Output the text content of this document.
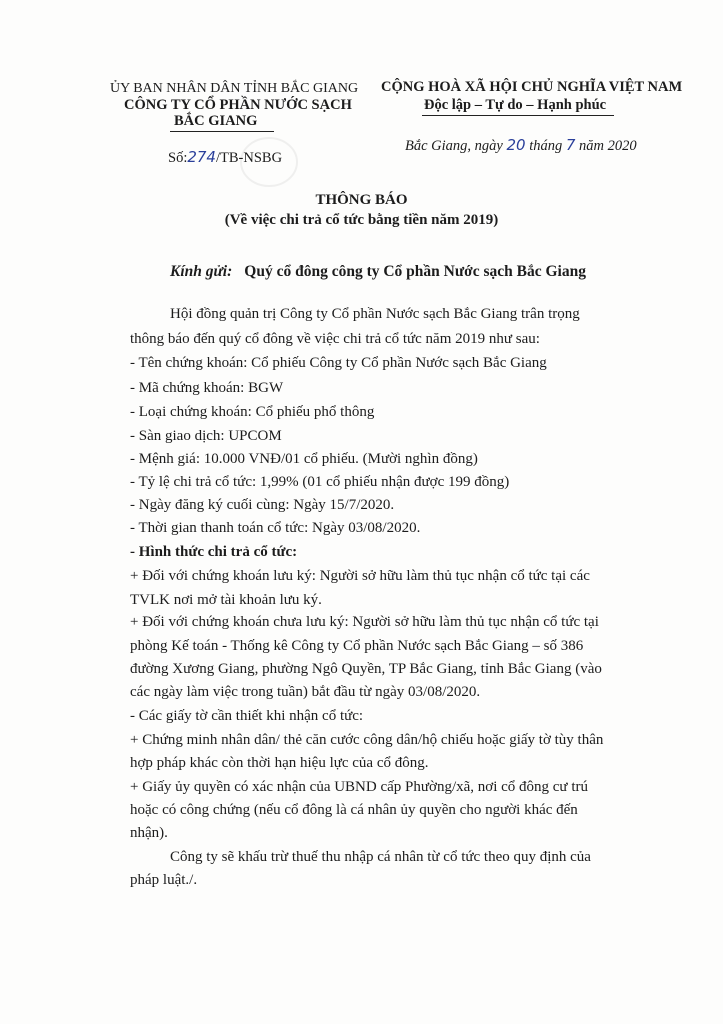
ỦY BAN NHÂN DÂN TỈNH BẮC GIANG
CÔNG TY CỔ PHẦN NƯỚC SẠCH
BẮC GIANG
CỘNG HOÀ XÃ HỘI CHỦ NGHĨA VIỆT NAM
Độc lập – Tự do – Hạnh phúc
Bắc Giang, ngày 20 tháng 7 năm 2020
Số:274/TB-NSBG
THÔNG BÁO
(Về việc chi trả cổ tức bằng tiền năm 2019)
Kính gửi: Quý cổ đông công ty Cổ phần Nước sạch Bắc Giang
Hội đồng quản trị Công ty Cổ phần Nước sạch Bắc Giang trân trọng
thông báo đến quý cổ đông về việc chi trả cổ tức năm 2019 như sau:
- Tên chứng khoán: Cổ phiếu Công ty Cổ phần Nước sạch Bắc Giang
- Mã chứng khoán: BGW
- Loại chứng khoán: Cổ phiếu phổ thông
- Sàn giao dịch: UPCOM
- Mệnh giá: 10.000 VNĐ/01 cổ phiếu. (Mười nghìn đồng)
- Tỷ lệ chi trả cổ tức: 1,99% (01 cổ phiếu nhận được 199 đồng)
- Ngày đăng ký cuối cùng: Ngày 15/7/2020.
- Thời gian thanh toán cổ tức: Ngày 03/08/2020.
- Hình thức chi trả cổ tức:
+ Đối với chứng khoán lưu ký: Người sở hữu làm thủ tục nhận cổ tức tại các
TVLK nơi mở tài khoản lưu ký.
+ Đối với chứng khoán chưa lưu ký: Người sở hữu làm thủ tục nhận cổ tức tại
phòng Kế toán - Thống kê Công ty Cổ phần Nước sạch Bắc Giang – số 386
đường Xương Giang, phường Ngô Quyền, TP Bắc Giang, tỉnh Bắc Giang (vào
các ngày làm việc trong tuần) bắt đầu từ ngày 03/08/2020.
- Các giấy tờ cần thiết khi nhận cổ tức:
+ Chứng minh nhân dân/ thẻ căn cước công dân/hộ chiếu hoặc giấy tờ tùy thân
hợp pháp khác còn thời hạn hiệu lực của cổ đông.
+ Giấy ủy quyền có xác nhận của UBND cấp Phường/xã, nơi cổ đông cư trú
hoặc có công chứng (nếu cổ đông là cá nhân ủy quyền cho người khác đến
nhận).
Công ty sẽ khấu trừ thuế thu nhập cá nhân từ cổ tức theo quy định của
pháp luật./.
